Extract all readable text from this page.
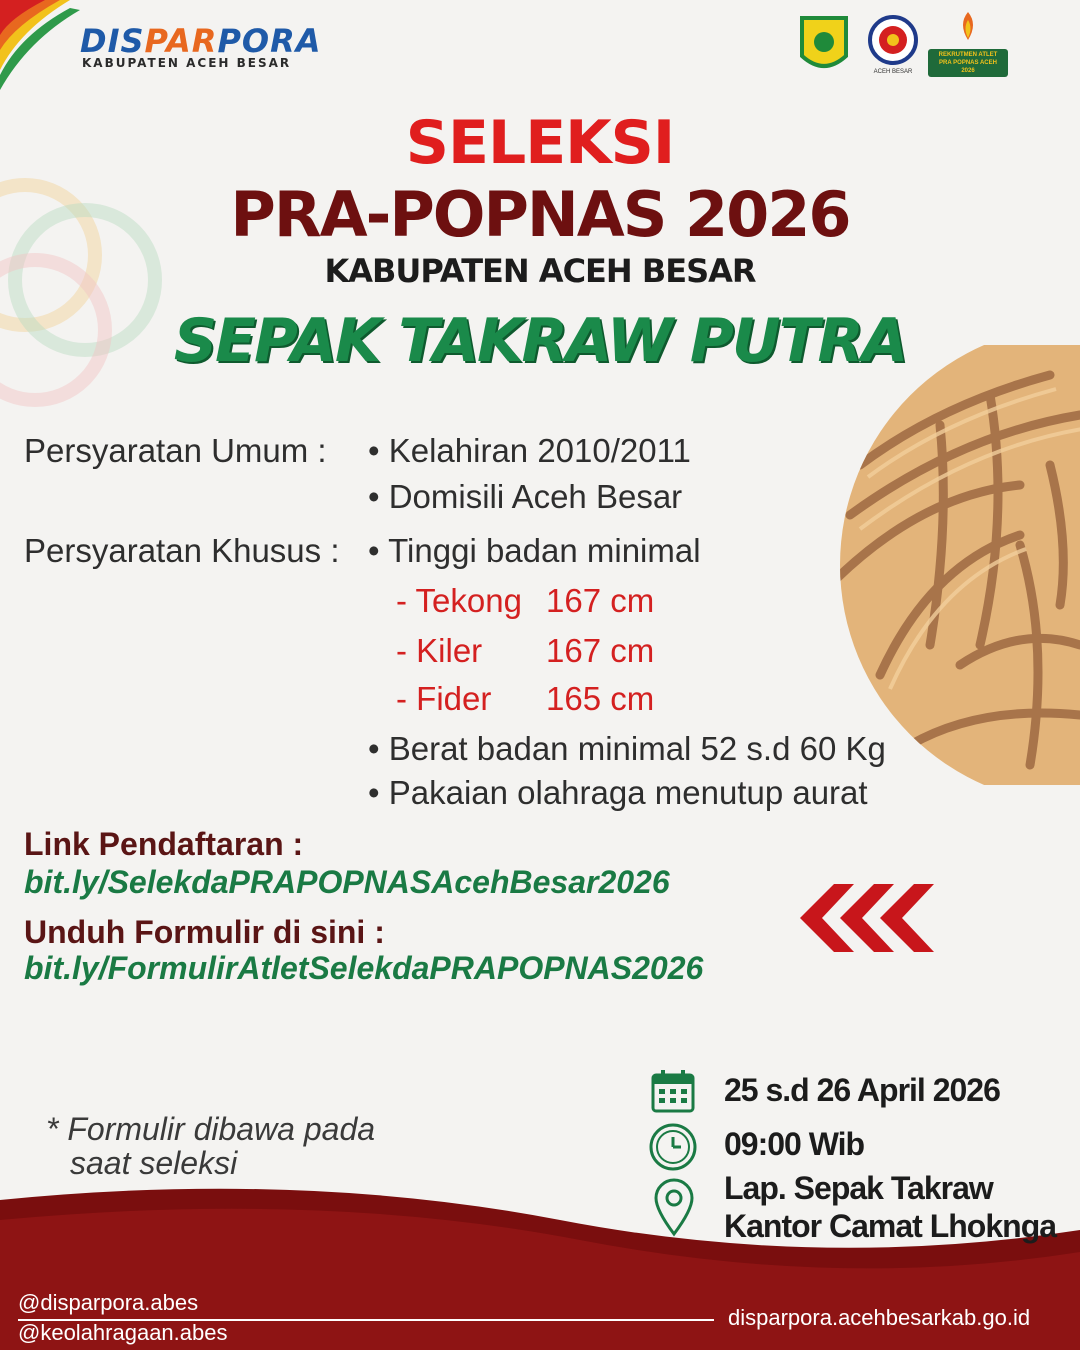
DISPARPORA
KABUPATEN ACEH BESAR
ACEH BESAR
REKRUTMEN ATLET
PRA POPNAS ACEH
2026
SELEKSI
PRA-POPNAS 2026
KABUPATEN ACEH BESAR
SEPAK TAKRAW PUTRA
Persyaratan Umum : • Kelahiran 2010/2011
• Domisili Aceh Besar
Persyaratan Khusus : • Tinggi badan minimal
- Tekong 167 cm
- Kiler 167 cm
- Fider 165 cm
• Berat badan minimal 52 s.d 60 Kg
• Pakaian olahraga menutup aurat
Link Pendaftaran :
bit.ly/SelekdaPRAPOPNASAcehBesar2026
Unduh Formulir di sini :
bit.ly/FormulirAtletSelekdaPRAPOPNAS2026
* Formulir dibawa pada
saat seleksi
25 s.d 26 April 2026
09:00 Wib
Lap. Sepak Takraw
Kantor Camat Lhoknga
@disparpora.abes
@keolahragaan.abes
disparpora.acehbesarkab.go.id
